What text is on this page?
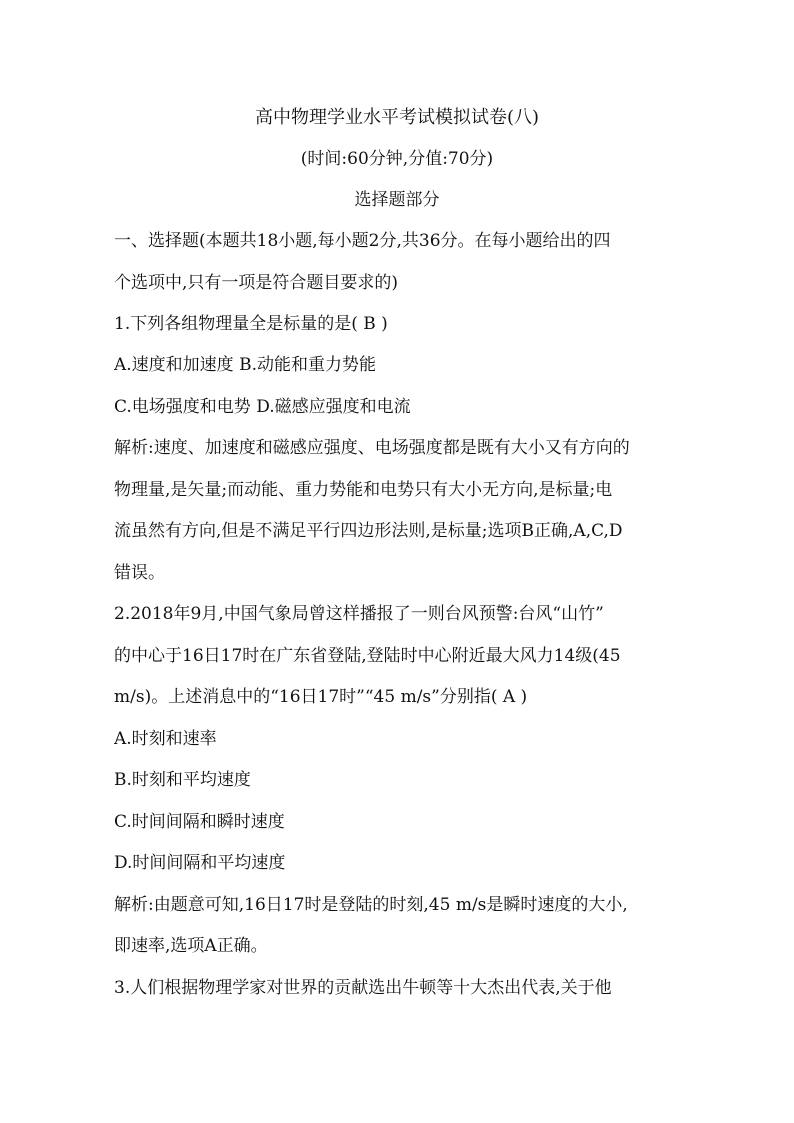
高中物理学业水平考试模拟试卷(八)
(时间:60分钟,分值:70分)
选择题部分
一、选择题(本题共18小题,每小题2分,共36分。在每小题给出的四
个选项中,只有一项是符合题目要求的)
1.下列各组物理量全是标量的是( B )
A.速度和加速度 B.动能和重力势能
C.电场强度和电势 D.磁感应强度和电流
解析:速度、加速度和磁感应强度、电场强度都是既有大小又有方向的
物理量,是矢量;而动能、重力势能和电势只有大小无方向,是标量;电
流虽然有方向,但是不满足平行四边形法则,是标量;选项B正确,A,C,D
错误。
2.2018年9月,中国气象局曾这样播报了一则台风预警:台风“山竹”
的中心于16日17时在广东省登陆,登陆时中心附近最大风力14级(45
m/s)。上述消息中的“16日17时”“45 m/s”分别指( A )
A.时刻和速率
B.时刻和平均速度
C.时间间隔和瞬时速度
D.时间间隔和平均速度
解析:由题意可知,16日17时是登陆的时刻,45 m/s是瞬时速度的大小,
即速率,选项A正确。
3.人们根据物理学家对世界的贡献选出牛顿等十大杰出代表,关于他
